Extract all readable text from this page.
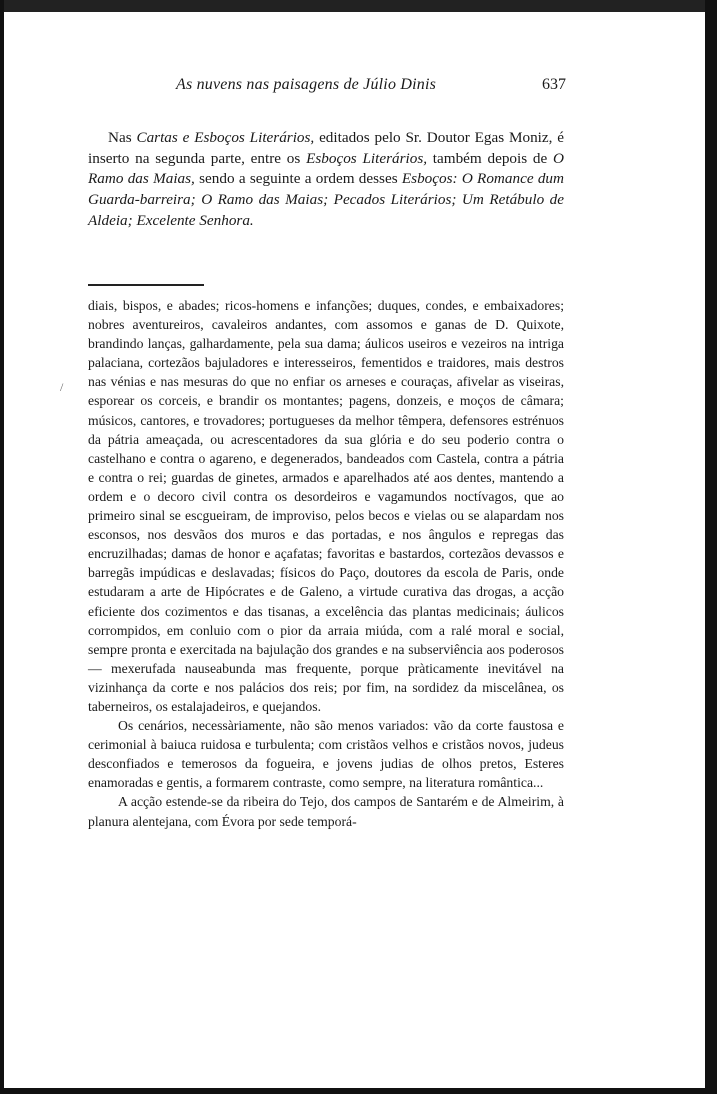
As nuvens nas paisagens de Júlio Dinis	637
Nas Cartas e Esboços Literários, editados pelo Sr. Doutor Egas Moniz, é inserto na segunda parte, entre os Esboços Literários, também depois de O Ramo das Maias, sendo a seguinte a ordem desses Esboços: O Romance dum Guarda-barreira; O Ramo das Maias; Pecados Literários; Um Retábulo de Aldeia; Excelente Senhora.

diais, bispos, e abades; ricos-homens e infanções; duques, condes, e embaixadores; nobres aventureiros, cavaleiros andantes, com assomos e ganas de D. Quixote, brandindo lanças, galhardamente, pela sua dama; áulicos useiros e vezeiros na intriga palaciana, cortezãos bajuladores e interesseiros, fementidos e traidores, mais destros nas vénias e nas mesuras do que no enfiar os arneses e couraças, afivelar as viseiras, esporear os corceis, e brandir os montantes; pagens, donzeis, e moços de câmara; músicos, cantores, e trovadores; portugueses da melhor têmpera, defensores estrénuos da pátria ameaçada, ou acrescentadores da sua glória e do seu poderio contra o castelhano e contra o agareno, e degenerados, bandeados com Castela, contra a pátria e contra o rei; guardas de ginetes, armados e aparelhados até aos dentes, mantendo a ordem e o decoro civil contra os desordeiros e vagamundos noctívagos, que ao primeiro sinal se escgueiram, de improviso, pelos becos e vielas ou se alapardam nos esconsos, nos desvãos dos muros e das portadas, e nos ângulos e repregas das encruzilhadas; damas de honor e açafatas; favoritas e bastardos, cortezãos devassos e barregãs impúdicas e deslavadas; físicos do Paço, doutores da escola de Paris, onde estudaram a arte de Hipócrates e de Galeno, a virtude curativa das drogas, a acção eficiente dos cozimentos e das tisanas, a excelência das plantas medicinais; áulicos corrompidos, em conluio com o pior da arraia miúda, com a ralé moral e social, sempre pronta e exercitada na bajulação dos grandes e na subserviência aos poderosos — mexerufada nauseabunda mas frequente, porque pràticamente inevitável na vizinhança da corte e nos palácios dos reis; por fim, na sordidez da miscelânea, os taberneiros, os estalajadeiros, e quejandos.

Os cenários, necessàriamente, não são menos variados: vão da corte faustosa e cerimonial à baiuca ruidosa e turbulenta; com cristãos velhos e cristãos novos, judeus desconfiados e temerosos da fogueira, e jovens judias de olhos pretos, Esteres enamoradas e gentis, a formarem contraste, como sempre, na literatura romântica...

A acção estende-se da ribeira do Tejo, dos campos de Santarém e de Almeirim, à planura alentejana, com Évora por sede temporá-

/
